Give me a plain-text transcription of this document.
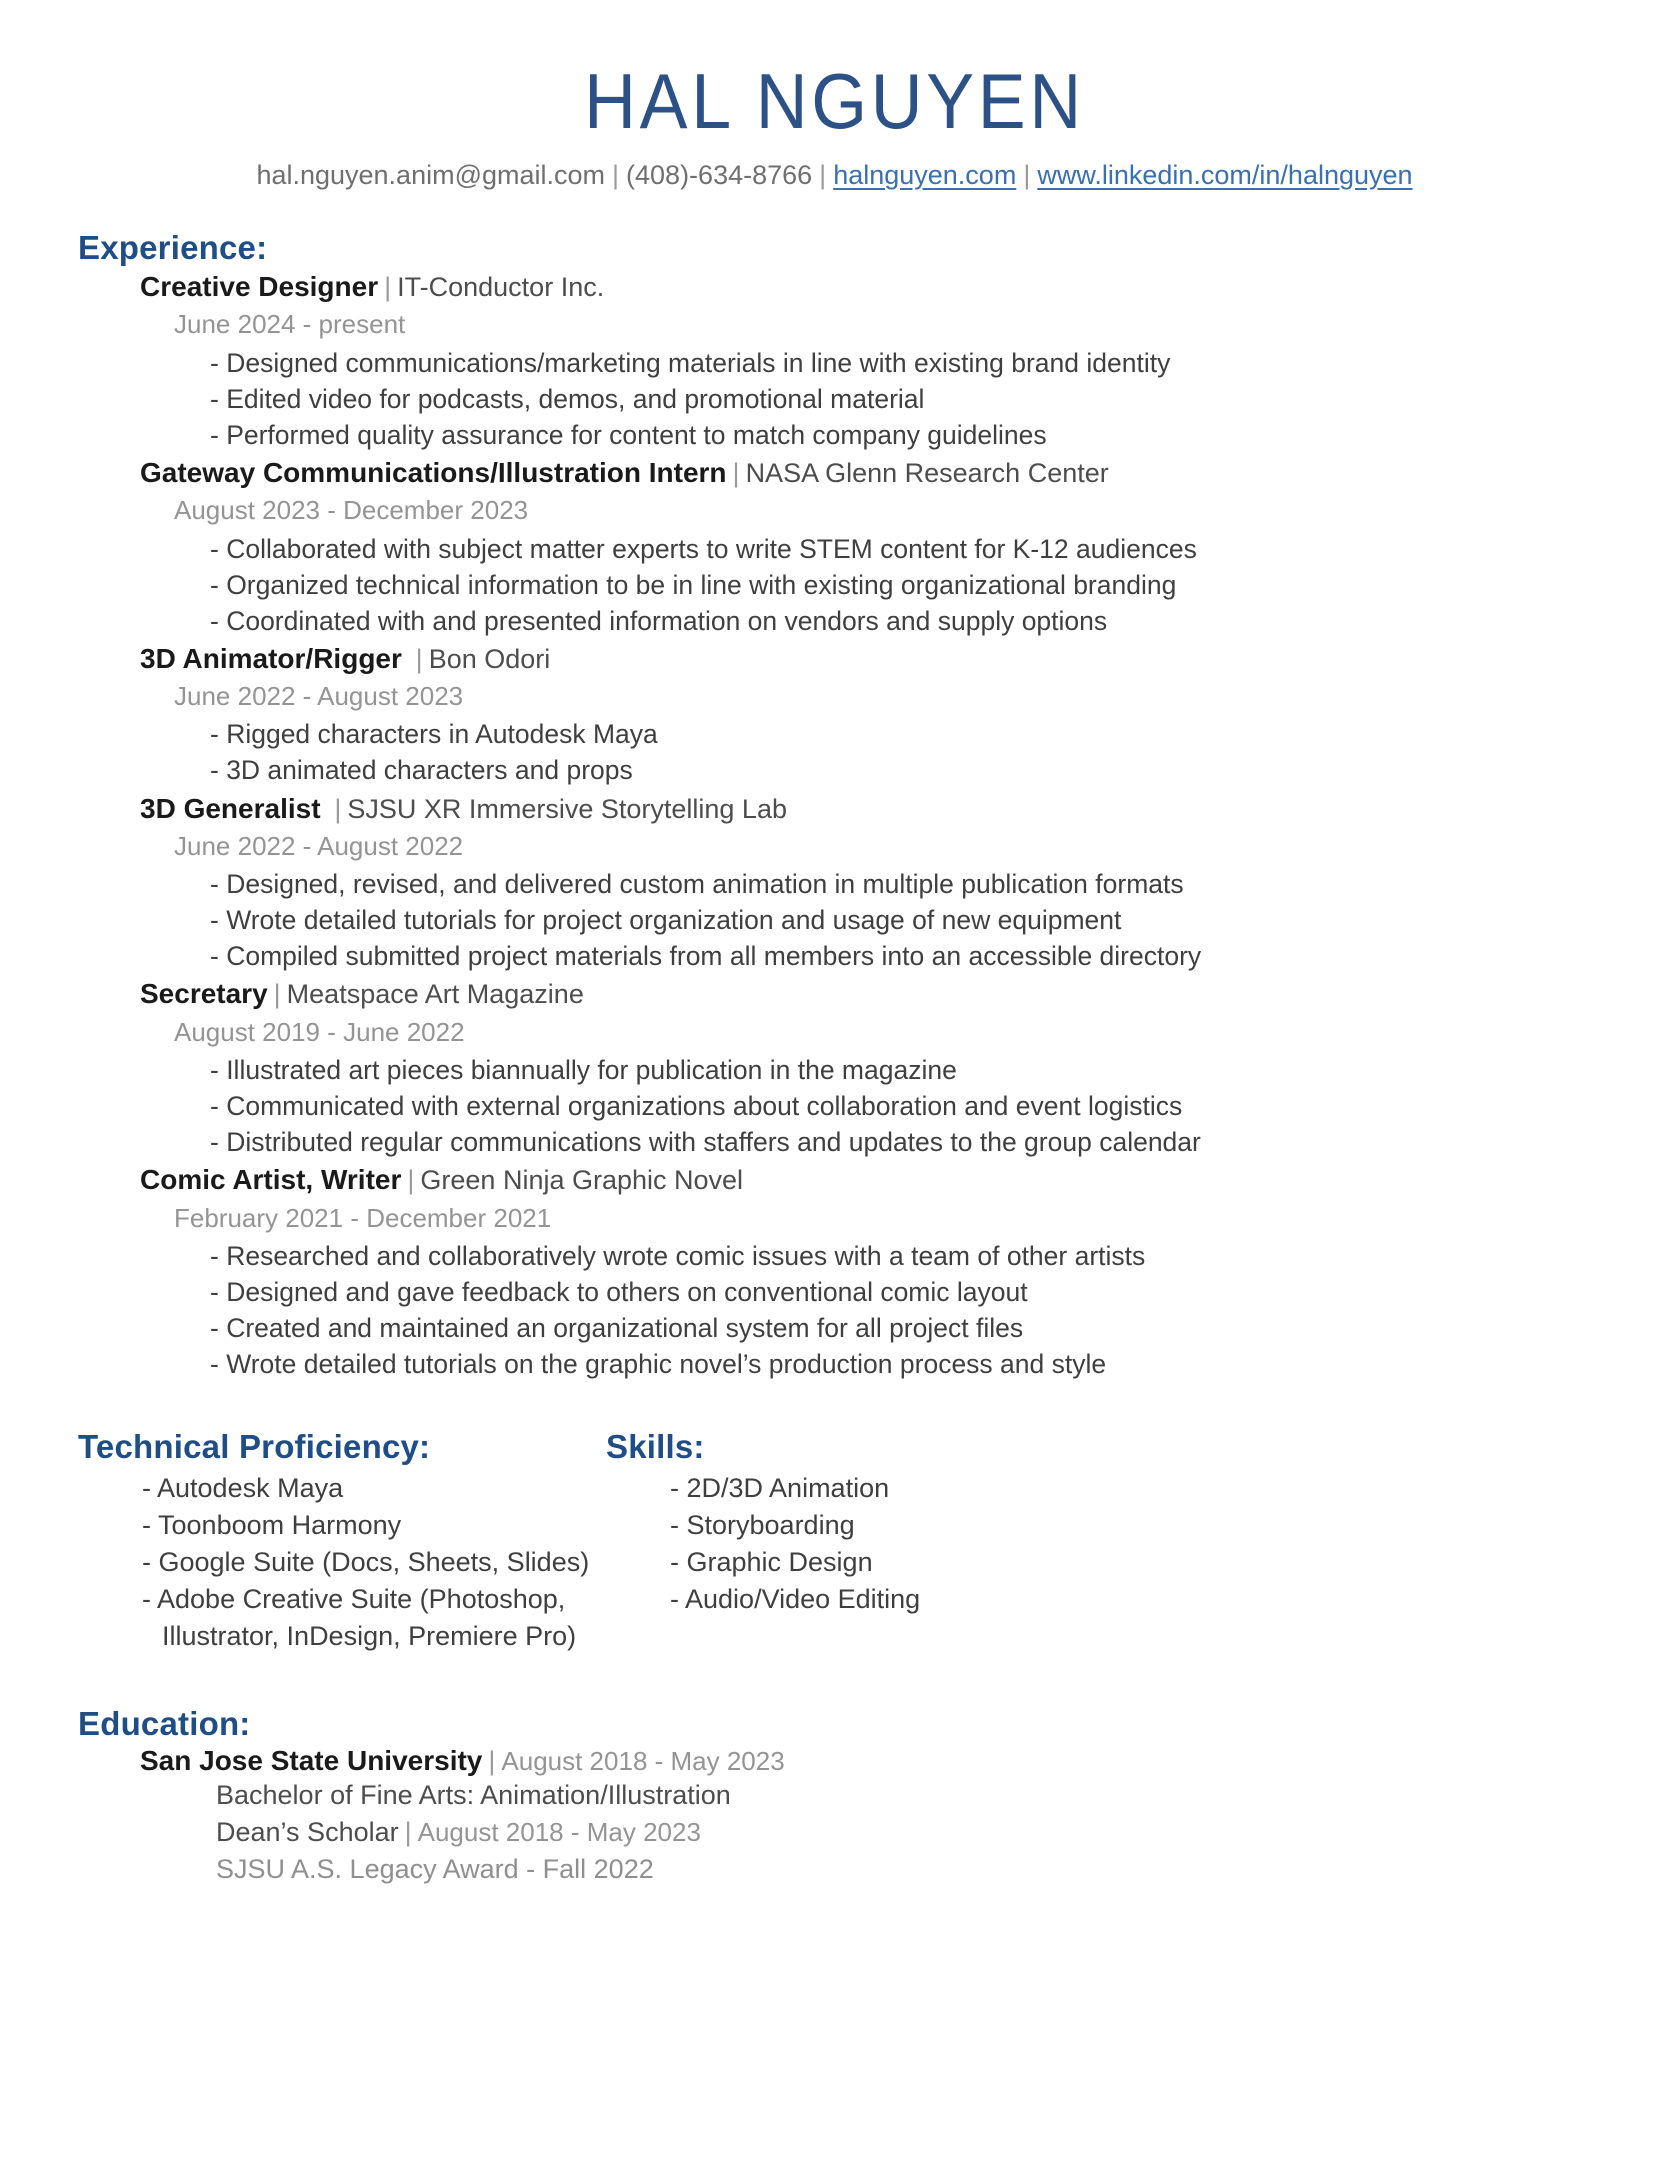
HAL NGUYEN
hal.nguyen.anim@gmail.com | (408)-634-8766 | halnguyen.com | www.linkedin.com/in/halnguyen
Experience:
Creative Designer | IT-Conductor Inc.
June 2024 - present
- Designed communications/marketing materials in line with existing brand identity
- Edited video for podcasts, demos, and promotional material
- Performed quality assurance for content to match company guidelines
Gateway Communications/Illustration Intern | NASA Glenn Research Center
August 2023 - December 2023
- Collaborated with subject matter experts to write STEM content for K-12 audiences
- Organized technical information to be in line with existing organizational branding
- Coordinated with and presented information on vendors and supply options
3D Animator/Rigger | Bon Odori
June 2022 - August 2023
- Rigged characters in Autodesk Maya
- 3D animated characters and props
3D Generalist | SJSU XR Immersive Storytelling Lab
June 2022 - August 2022
- Designed, revised, and delivered custom animation in multiple publication formats
- Wrote detailed tutorials for project organization and usage of new equipment
- Compiled submitted project materials from all members into an accessible directory
Secretary | Meatspace Art Magazine
August 2019 - June 2022
- Illustrated art pieces biannually for publication in the magazine
- Communicated with external organizations about collaboration and event logistics
- Distributed regular communications with staffers and updates to the group calendar
Comic Artist, Writer | Green Ninja Graphic Novel
February 2021 - December 2021
- Researched and collaboratively wrote comic issues with a team of other artists
- Designed and gave feedback to others on conventional comic layout
- Created and maintained an organizational system for all project files
- Wrote detailed tutorials on the graphic novel’s production process and style
Technical Proficiency:
- Autodesk Maya
- Toonboom Harmony
- Google Suite (Docs, Sheets, Slides)
- Adobe Creative Suite (Photoshop,
Illustrator, InDesign, Premiere Pro)
Skills:
- 2D/3D Animation
- Storyboarding
- Graphic Design
- Audio/Video Editing
Education:
San Jose State University | August 2018 - May 2023
Bachelor of Fine Arts: Animation/Illustration
Dean’s Scholar | August 2018 - May 2023
SJSU A.S. Legacy Award - Fall 2022
